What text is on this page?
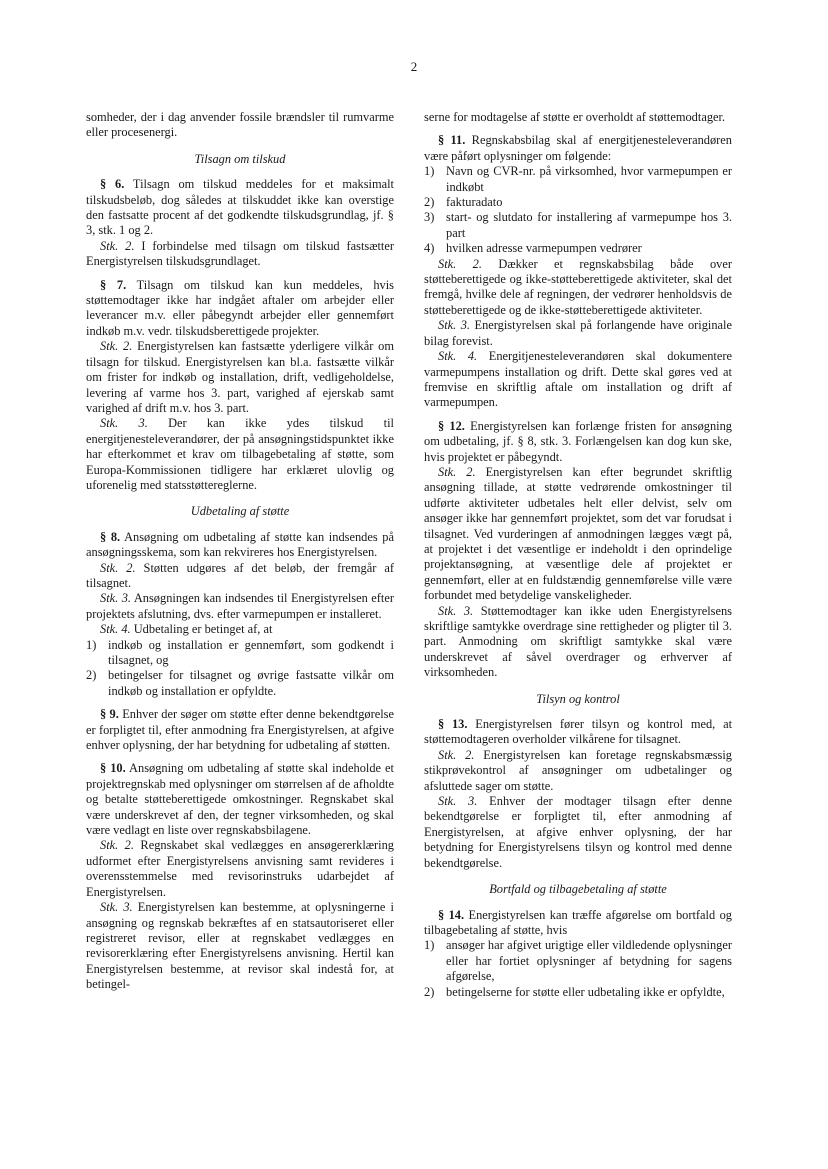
2

somheder, der i dag anvender fossile brændsler til rumvarme eller procesenergi.

Tilsagn om tilskud

§ 6. Tilsagn om tilskud meddeles for et maksimalt tilskudsbeløb, dog således at tilskuddet ikke kan overstige den fastsatte procent af det godkendte tilskudsgrundlag, jf. § 3, stk. 1 og 2.

Stk. 2. I forbindelse med tilsagn om tilskud fastsætter Energistyrelsen tilskudsgrundlaget.

§ 7. Tilsagn om tilskud kan kun meddeles, hvis støttemodtager ikke har indgået aftaler om arbejder eller leverancer m.v. eller påbegyndt arbejder eller gennemført indkøb m.v. vedr. tilskudsberettigede projekter.

Stk. 2. Energistyrelsen kan fastsætte yderligere vilkår om tilsagn for tilskud. Energistyrelsen kan bl.a. fastsætte vilkår om frister for indkøb og installation, drift, vedligeholdelse, levering af varme hos 3. part, varighed af ejerskab samt varighed af drift m.v. hos 3. part.

Stk. 3. Der kan ikke ydes tilskud til energitjenesteleverandører, der på ansøgningstidspunktet ikke har efterkommet et krav om tilbagebetaling af støtte, som Europa-Kommissionen tidligere har erklæret ulovlig og uforenelig med statsstøttereglerne.

Udbetaling af støtte

§ 8. Ansøgning om udbetaling af støtte kan indsendes på ansøgningsskema, som kan rekvireres hos Energistyrelsen.

Stk. 2. Støtten udgøres af det beløb, der fremgår af tilsagnet.

Stk. 3. Ansøgningen kan indsendes til Energistyrelsen efter projektets afslutning, dvs. efter varmepumpen er installeret.

Stk. 4. Udbetaling er betinget af, at

1) indkøb og installation er gennemført, som godkendt i tilsagnet, og
2) betingelser for tilsagnet og øvrige fastsatte vilkår om indkøb og installation er opfyldte.

§ 9. Enhver der søger om støtte efter denne bekendtgørelse er forpligtet til, efter anmodning fra Energistyrelsen, at afgive enhver oplysning, der har betydning for udbetaling af støtten.

§ 10. Ansøgning om udbetaling af støtte skal indeholde et projektregnskab med oplysninger om størrelsen af de afholdte og betalte støtteberettigede omkostninger. Regnskabet skal være underskrevet af den, der tegner virksomheden, og skal være vedlagt en liste over regnskabsbilagene.

Stk. 2. Regnskabet skal vedlægges en ansøgererklæring udformet efter Energistyrelsens anvisning samt revideres i overensstemmelse med revisorinstruks udarbejdet af Energistyrelsen.

Stk. 3. Energistyrelsen kan bestemme, at oplysningerne i ansøgning og regnskab bekræftes af en statsautoriseret eller registreret revisor, eller at regnskabet vedlægges en revisorerklæring efter Energistyrelsens anvisning. Hertil kan Energistyrelsen bestemme, at revisor skal indestå for, at betingel-

serne for modtagelse af støtte er overholdt af støttemodtager.

§ 11. Regnskabsbilag skal af energitjenesteleverandøren være påført oplysninger om følgende:

1) Navn og CVR-nr. på virksomhed, hvor varmepumpen er indkøbt
2) fakturadato
3) start- og slutdato for installering af varmepumpe hos 3. part
4) hvilken adresse varmepumpen vedrører

Stk. 2. Dækker et regnskabsbilag både over støtteberettigede og ikke-støtteberettigede aktiviteter, skal det fremgå, hvilke dele af regningen, der vedrører henholdsvis de støtteberettigede og de ikke-støtteberettigede aktiviteter.

Stk. 3. Energistyrelsen skal på forlangende have originale bilag forevist.

Stk. 4. Energitjenesteleverandøren skal dokumentere varmepumpens installation og drift. Dette skal gøres ved at fremvise en skriftlig aftale om installation og drift af varmepumpen.

§ 12. Energistyrelsen kan forlænge fristen for ansøgning om udbetaling, jf. § 8, stk. 3. Forlængelsen kan dog kun ske, hvis projektet er påbegyndt.

Stk. 2. Energistyrelsen kan efter begrundet skriftlig ansøgning tillade, at støtte vedrørende omkostninger til udførte aktiviteter udbetales helt eller delvist, selv om ansøger ikke har gennemført projektet, som det var forudsat i tilsagnet. Ved vurderingen af anmodningen lægges vægt på, at projektet i det væsentlige er indeholdt i den oprindelige projektansøgning, at væsentlige dele af projektet er gennemført, eller at en fuldstændig gennemførelse ville være forbundet med betydelige vanskeligheder.

Stk. 3. Støttemodtager kan ikke uden Energistyrelsens skriftlige samtykke overdrage sine rettigheder og pligter til 3. part. Anmodning om skriftligt samtykke skal være underskrevet af såvel overdrager og erhverver af virksomheden.

Tilsyn og kontrol

§ 13. Energistyrelsen fører tilsyn og kontrol med, at støttemodtageren overholder vilkårene for tilsagnet.

Stk. 2. Energistyrelsen kan foretage regnskabsmæssig stikprøvekontrol af ansøgninger om udbetalinger og afsluttede sager om støtte.

Stk. 3. Enhver der modtager tilsagn efter denne bekendtgørelse er forpligtet til, efter anmodning af Energistyrelsen, at afgive enhver oplysning, der har betydning for Energistyrelsens tilsyn og kontrol med denne bekendtgørelse.

Bortfald og tilbagebetaling af støtte

§ 14. Energistyrelsen kan træffe afgørelse om bortfald og tilbagebetaling af støtte, hvis

1) ansøger har afgivet urigtige eller vildledende oplysninger eller har fortiet oplysninger af betydning for sagens afgørelse,
2) betingelserne for støtte eller udbetaling ikke er opfyldte,
